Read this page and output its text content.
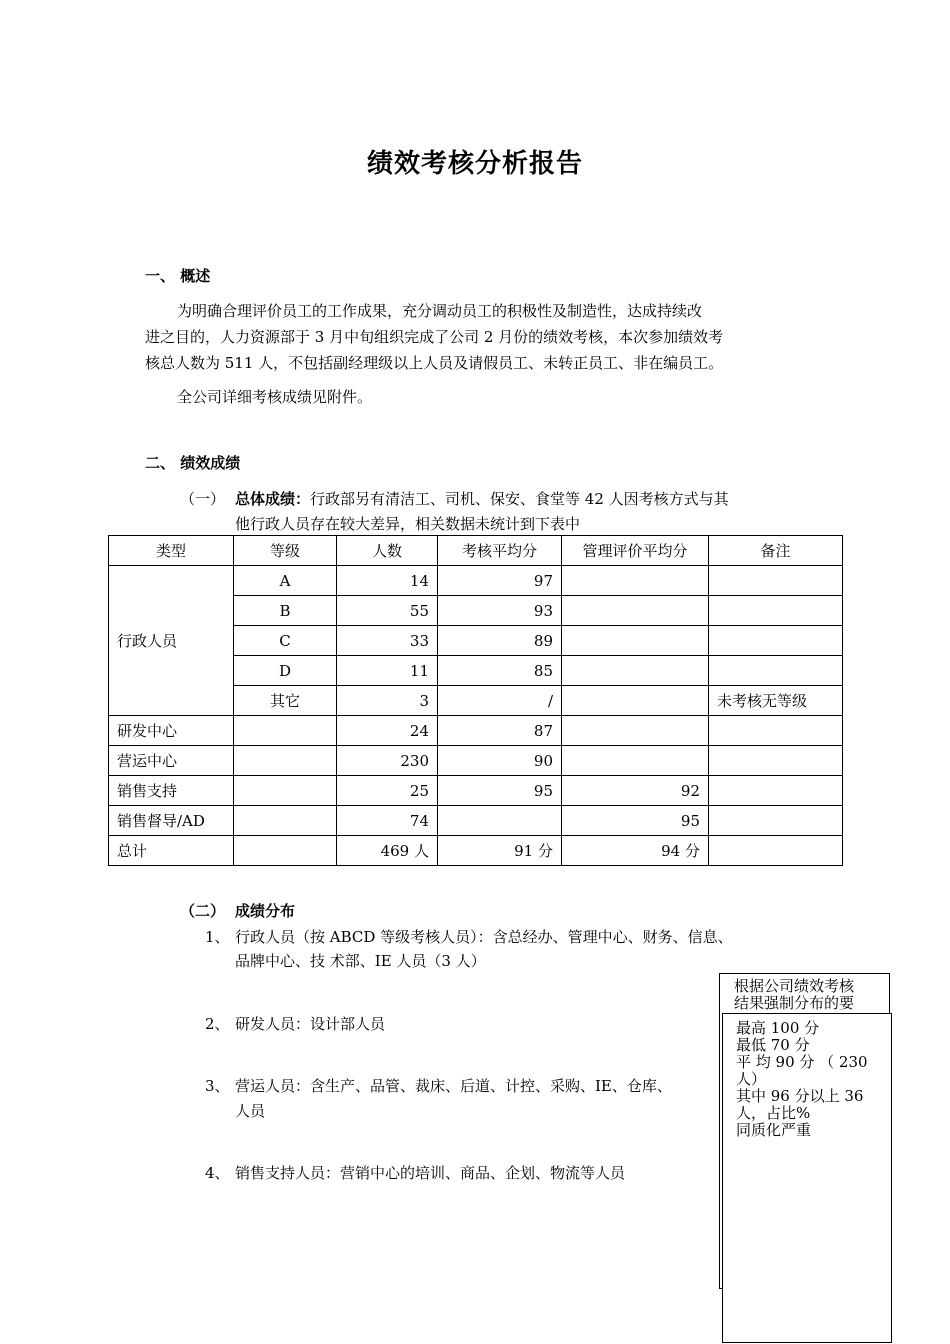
绩效考核分析报告
一、 概述
为明确合理评价员工的工作成果，充分调动员工的积极性及制造性，达成持续改
进之目的，人力资源部于 3 月中旬组织完成了公司 2 月份的绩效考核，本次参加绩效考
核总人数为 511 人，不包括副经理级以上人员及请假员工、未转正员工、非在编员工。
全公司详细考核成绩见附件。
二、 绩效成绩
（一） 总体成绩：行政部另有清洁工、司机、保安、食堂等 42 人因考核方式与其
他行政人员存在较大差异，相关数据未统计到下表中
类型	等级	人数	考核平均分	管理评价平均分	备注
行政人员	A	14	97		
	B	55	93		
	C	33	89		
	D	11	85		
	其它	3	/		未考核无等级
研发中心		24	87		
营运中心		230	90		
销售支持		25	95	92	
销售督导/AD		74		95	
总计		469 人	91 分	94 分	
（二） 成绩分布
1、 行政人员（按 ABCD 等级考核人员）：含总经办、管理中心、财务、信息、
品牌中心、技 术部、IE 人员（3 人）
2、 研发人员：设计部人员
3、 营运人员：含生产、品管、裁床、后道、计控、采购、IE、仓库、
人员
4、 销售支持人员：营销中心的培训、商品、企划、物流等人员
根据公司绩效考核
结果强制分布的要
最高 100 分
最低 70 分
平 均 90 分 （ 230
人）
其中 96 分以上 36
人，占比%
同质化严重
